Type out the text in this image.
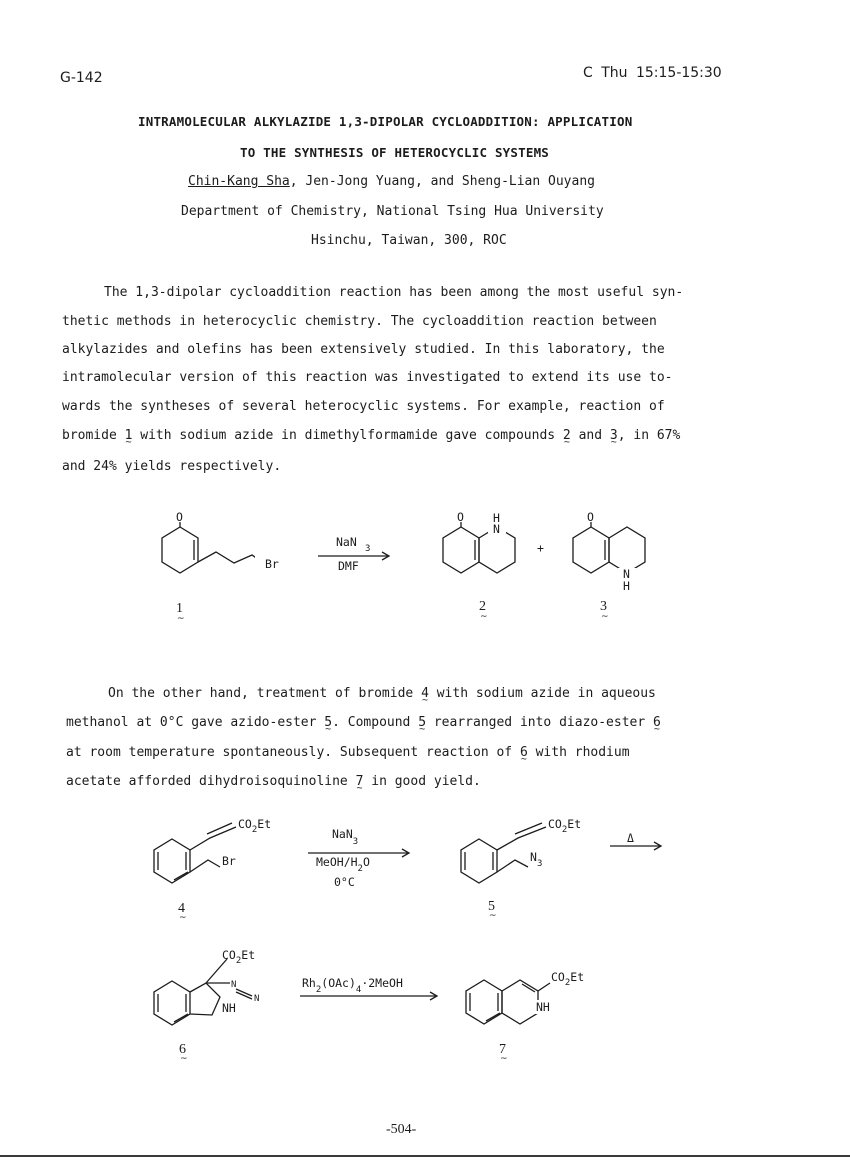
G-142	C Thu 15:15-15:30
INTRAMOLECULAR ALKYLAZIDE 1,3-DIPOLAR CYCLOADDITION: APPLICATION
TO THE SYNTHESIS OF HETEROCYCLIC SYSTEMS
Chin-Kang Sha, Jen-Jong Yuang, and Sheng-Lian Ouyang
Department of Chemistry, National Tsing Hua University
Hsinchu, Taiwan, 300, ROC
The 1,3-dipolar cycloaddition reaction has been among the most useful syn-
thetic methods in heterocyclic chemistry. The cycloaddition reaction between
alkylazides and olefins has been extensively studied. In this laboratory, the
intramolecular version of this reaction was investigated to extend its use to-
wards the syntheses of several heterocyclic systems. For example, reaction of
bromide 1 ~ with sodium azide in dimethylformamide gave compounds 2 ~ and 3 ~, in 67%
and 24% yields respectively.
O
Br
NaN 3
DMF
O	H
N
+
O
N
H
1
~
2
~
3
~
On the other hand, treatment of bromide 4 ~ with sodium azide in aqueous
methanol at 0°C gave azido-ester 5 ~. Compound 5 ~ rearranged into diazo-ester 6 ~
at room temperature spontaneously. Subsequent reaction of 6 ~ with rhodium
acetate afforded dihydroisoquinoline 7 ~ in good yield.
$CO_2Et$
Br
NaN$_3$
MeOH/$H_2O$
0°C
$CO_2Et$
$N_3$
Δ
4
~
5
~
$CO_2Et$
NH
N
N
$Rh_2(OAc)_4\cdot 2MeOH$	$CO_2Et$
NH
6
~
7
~
-504-
